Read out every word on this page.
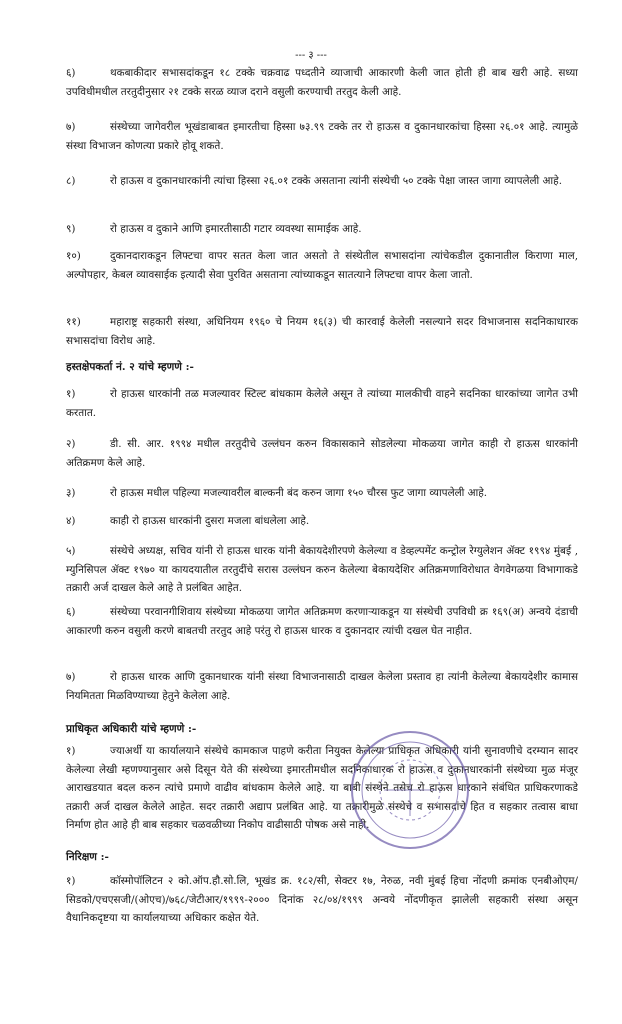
--- ३ ---
६)	थकबाकीदार सभासदांकडून १८ टक्के चक्रवाढ पध्दतीने व्याजाची आकारणी केली जात होती ही बाब खरी आहे. सध्या उपविधीमधील तरतुदीनुसार २१ टक्के सरळ व्याज दराने वसुली करण्याची तरतुद केली आहे.
७)	संस्थेच्या जागेवरील भूखंडाबाबत इमारतीचा हिस्सा ७३.९९ टक्के तर रो हाऊस व दुकानधारकांचा हिस्सा २६.०१ आहे. त्यामुळे संस्था विभाजन कोणत्या प्रकारे होवू शकते.
८)	रो हाऊस व दुकानधारकांनी त्यांचा हिस्सा २६.०१ टक्के असताना त्यांनी संस्थेची ५० टक्के पेक्षा जास्त जागा व्यापलेली आहे.
९)	रो हाऊस व दुकाने आणि इमारतीसाठी गटार व्यवस्था सामाईक आहे.
१०)	दुकानदाराकडून लिफ्टचा वापर सतत केला जात असतो ते संस्थेतील सभासदांना त्यांचेकडील दुकानातील किराणा माल, अल्पोपहार, केबल व्यावसाईक इत्यादी सेवा पुरवित असताना त्यांच्याकडून सातत्याने लिफ्टचा वापर केला जातो.
११)	महाराष्ट्र सहकारी संस्था, अधिनियम १९६० चे नियम १६(३) ची कारवाई केलेली नसल्याने सदर विभाजनास सदनिकाधारक सभासदांचा विरोध आहे.
हस्तक्षेपकर्ता नं. २ यांचे म्हणणे :-
१)	रो हाऊस धारकांनी तळ मजल्यावर स्टिल्ट बांधकाम केलेले असून ते त्यांच्या मालकीची वाहने सदनिका धारकांच्या जागेत उभी करतात.
२)	डी. सी. आर. १९९४ मधील तरतुदीचे उल्लंघन करुन विकासकाने सोडलेल्या मोकळया जागेत काही रो हाऊस धारकांनी अतिक्रमण केले आहे.
३)	रो हाऊस मधील पहिल्या मजल्यावरील बाल्कनी बंद करुन जागा १५० चौरस फुट जागा व्यापलेली आहे.
४)	काही रो हाऊस धारकांनी दुसरा मजला बांधलेला आहे.
५)	संस्थेचे अध्यक्ष, सचिव यांनी रो हाऊस धारक यांनी बेकायदेशीरपणे केलेल्या व डेव्हल्पमेंट कन्ट्रोल रेग्युलेशन ॲक्ट १९९४ मुंबई , म्युनिसिपल ॲक्ट १९७० या कायदयातील तरतुदींचे सरास उल्लंघन करुन केलेल्या बेकायदेशिर अतिक्रमणाविरोधात वेगवेगळया विभागाकडे तक्रारी अर्ज दाखल केले आहे ते प्रलंबित आहेत.
६)	संस्थेच्या परवानगीशिवाय संस्थेच्या मोकळया जागेत अतिक्रमण करणाऱ्याकडून या संस्थेची उपविधी क्र १६९(अ) अन्वये दंडाची आकारणी करुन वसुली करणे बाबतची तरतुद आहे परंतु रो हाऊस धारक व दुकानदार त्यांची दखल घेत नाहीत.
७)	रो हाऊस धारक आणि दुकानधारक यांनी संस्था विभाजनासाठी दाखल केलेला प्रस्ताव हा त्यांनी केलेल्या बेकायदेशीर कामास नियमितता मिळविण्याच्या हेतुने केलेला आहे.
प्राधिकृत अधिकारी यांचे म्हणणे :-
१)	ज्याअर्थी या कार्यालयाने संस्थेचे कामकाज पाहणे करीता नियुक्त केलेल्या प्राधिकृत अधिकारी यांनी सुनावणीचे दरम्यान सादर केलेल्या लेखी म्हणण्यानुसार असे दिसून येते की संस्थेच्या इमारतीमधील सदनिकाधारक रो हाऊस व दुकानधारकांनी संस्थेच्या मुळ मंजूर आराखडयात बदल करुन त्यांचे प्रमाणे वाढीव बांधकाम केलेले आहे. या बाबी संस्थेने तसेच रो हाऊस धारकाने संबंधित प्राधिकरणाकडे तक्रारी अर्ज दाखल केलेले आहेत. सदर तक्रारी अद्याप प्रलंबित आहे. या तक्रारीमुळे संस्थेचे व सभासदांचे हित व सहकार तत्वास बाधा निर्माण होत आहे ही बाब सहकार चळवळीच्या निकोप वाढीसाठी पोषक असे नाही.
निरिक्षण :-
१)	कॉस्मोपॉलिटन २ को.ऑप.हौ.सो.लि, भूखंड क्र. १८२/सी, सेक्टर १७, नेरुळ, नवी मुंबई हिचा नोंदणी क्रमांक एनबीओएम/सिडको/एचएसजी/(ओएच)/७६८/जेटीआर/१९९९-२००० दिनांक २८/०४/१९९९ अन्वये नोंदणीकृत झालेली सहकारी संस्था असून वैधानिकदृष्टया या कार्यालयाच्या अधिकार कक्षेत येते.
